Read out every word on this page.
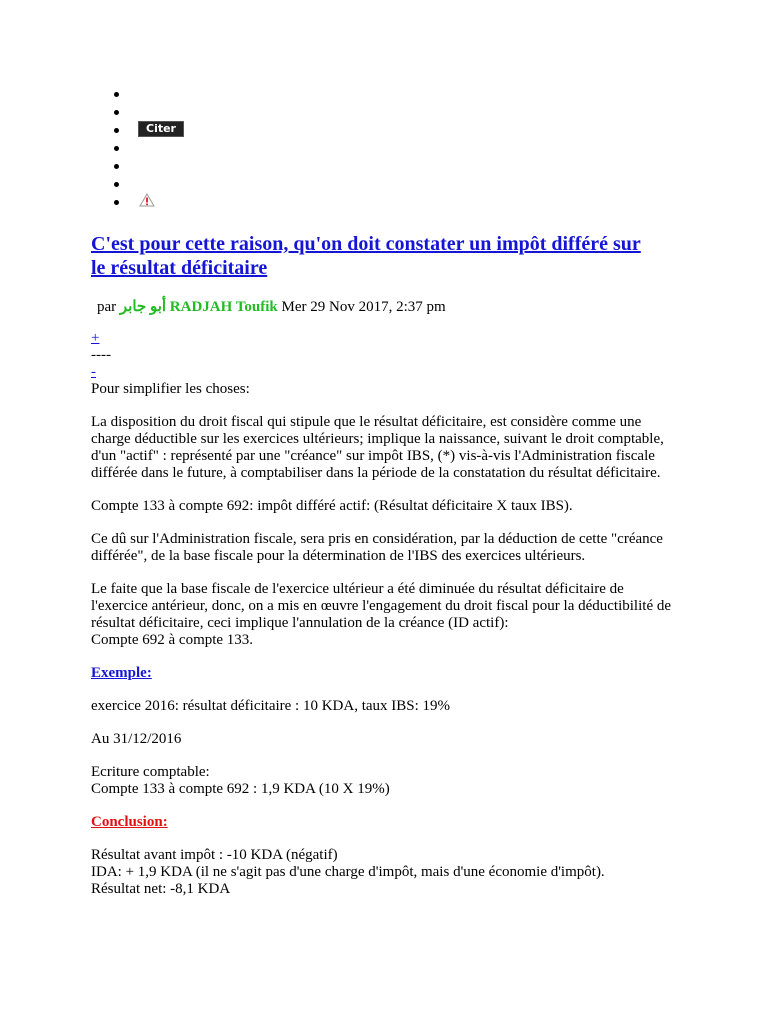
Citer
C'est pour cette raison, qu'on doit constater un impôt différé sur le résultat déficitaire
par أبو جابر RADJAH Toufik Mer 29 Nov 2017, 2:37 pm
+
----
-

Pour simplifier les choses:

La disposition du droit fiscal qui stipule que le résultat déficitaire, est considère comme une charge déductible sur les exercices ultérieurs; implique la naissance, suivant le droit comptable, d'un "actif" : représenté par une "créance" sur impôt IBS, (*) vis-à-vis l'Administration fiscale différée dans le future, à comptabiliser dans la période de la constatation du résultat déficitaire.

Compte 133 à compte 692: impôt différé actif: (Résultat déficitaire X taux IBS).

Ce dû sur l'Administration fiscale, sera pris en considération, par la déduction de cette "créance différée", de la base fiscale pour la détermination de l'IBS des exercices ultérieurs.

Le faite que la base fiscale de l'exercice ultérieur a été diminuée du résultat déficitaire de l'exercice antérieur, donc, on a mis en œuvre l'engagement du droit fiscal pour la déductibilité de résultat déficitaire, ceci implique l'annulation de la créance (ID actif):
Compte 692 à compte 133.

Exemple:

exercice 2016: résultat déficitaire : 10 KDA, taux IBS: 19%

Au 31/12/2016

Ecriture comptable:
Compte 133 à compte 692 : 1,9 KDA (10 X 19%)

Conclusion:

Résultat avant impôt : -10 KDA (négatif)
IDA: + 1,9 KDA (il ne s'agit pas d'une charge d'impôt, mais d'une économie d'impôt).
Résultat net: -8,1 KDA
